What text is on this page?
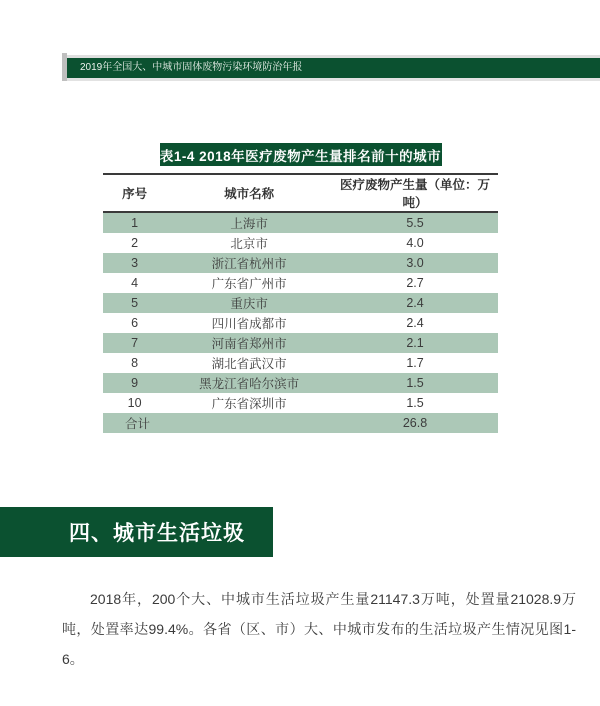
2019年全国大、中城市固体废物污染环境防治年报
表1-4 2018年医疗废物产生量排名前十的城市
序号	城市名称	医疗废物产生量（单位：万吨）
1	上海市	5.5
2	北京市	4.0
3	浙江省杭州市	3.0
4	广东省广州市	2.7
5	重庆市	2.4
6	四川省成都市	2.4
7	河南省郑州市	2.1
8	湖北省武汉市	1.7
9	黑龙江省哈尔滨市	1.5
10	广东省深圳市	1.5
合计		26.8
四、城市生活垃圾

2018年，200个大、中城市生活垃圾产生量21147.3万吨，处置量21028.9万吨，处置率达99.4%。各省（区、市）大、中城市发布的生活垃圾产生情况见图1-6。
